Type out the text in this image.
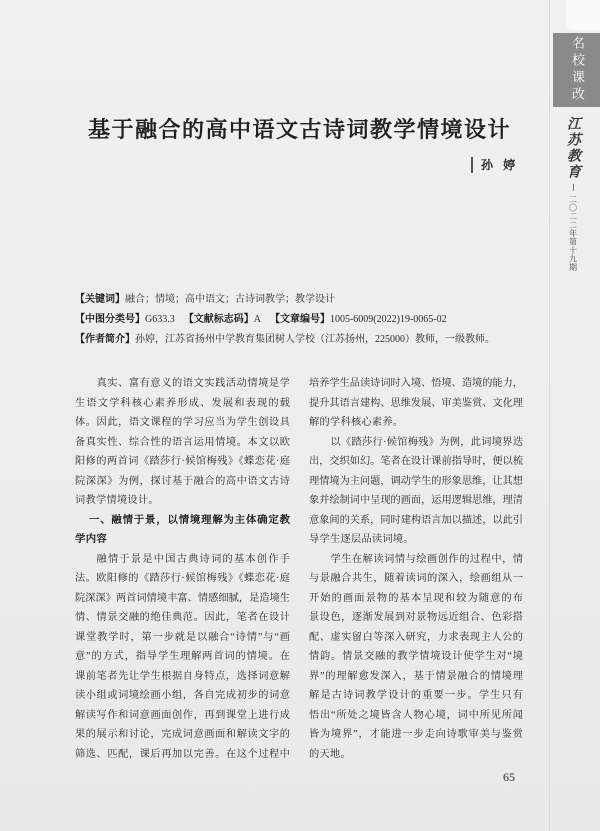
名校课改
江苏教育
二〇二二年第十九期
基于融合的高中语文古诗词教学情境设计
孙 婷
【关键词】融合；情境；高中语文；古诗词教学；教学设计
【中图分类号】G633.3 【文献标志码】A 【文章编号】1005-6009(2022)19-0065-02
【作者简介】孙婷，江苏省扬州中学教育集团树人学校（江苏扬州，225000）教师，一级教师。
真实、富有意义的语文实践活动情境是学
生语文学科核心素养形成、发展和表现的载
体。因此，语文课程的学习应当为学生创设具
备真实性、综合性的语言运用情境。本文以欧
阳修的两首词《踏莎行·候馆梅残》《蝶恋花·庭
院深深》为例，探讨基于融合的高中语文古诗
词教学情境设计。
一、融情于景，以情境理解为主体确定教
学内容
融情于景是中国古典诗词的基本创作手
法。欧阳修的《踏莎行·候馆梅残》《蝶恋花·庭
院深深》两首词情境丰富、情感细腻，是造境生
情、情景交融的绝佳典范。因此，笔者在设计
课堂教学时，第一步就是以融合“诗情”与“画
意”的方式，指导学生理解两首词的情境。在
课前笔者先让学生根据自身特点，选择词意解
读小组或词境绘画小组，各自完成初步的词意
解读写作和词意画面创作，再到课堂上进行成
果的展示和讨论，完成词意画面和解读文字的
筛选、匹配，课后再加以完善。在这个过程中
培养学生品读诗词时入境、悟境、造境的能力，
提升其语言建构、思维发展、审美鉴赏、文化理
解的学科核心素养。
以《踏莎行·候馆梅残》为例，此词境界迭
出，交织如幻。笔者在设计课前指导时，便以梳
理情境为主问题，调动学生的形象思维，让其想
象并绘制词中呈现的画面，运用逻辑思维，理清
意象间的关系，同时建构语言加以描述，以此引
导学生逐层品读词境。
学生在解读词情与绘画创作的过程中，情
与景融合共生，随着读词的深入，绘画组从一
开始的画面景物的基本呈现和较为随意的布
景设色，逐渐发展到对景物远近组合、色彩搭
配、虚实留白等深入研究，力求表现主人公的
情韵。情景交融的教学情境设计使学生对“境
界”的理解愈发深入，基于情景融合的情境理
解是古诗词教学设计的重要一步。学生只有
悟出“所处之境皆含人物心境，词中所见所闻
皆为境界”，才能进一步走向诗歌审美与鉴赏
的天地。
65
